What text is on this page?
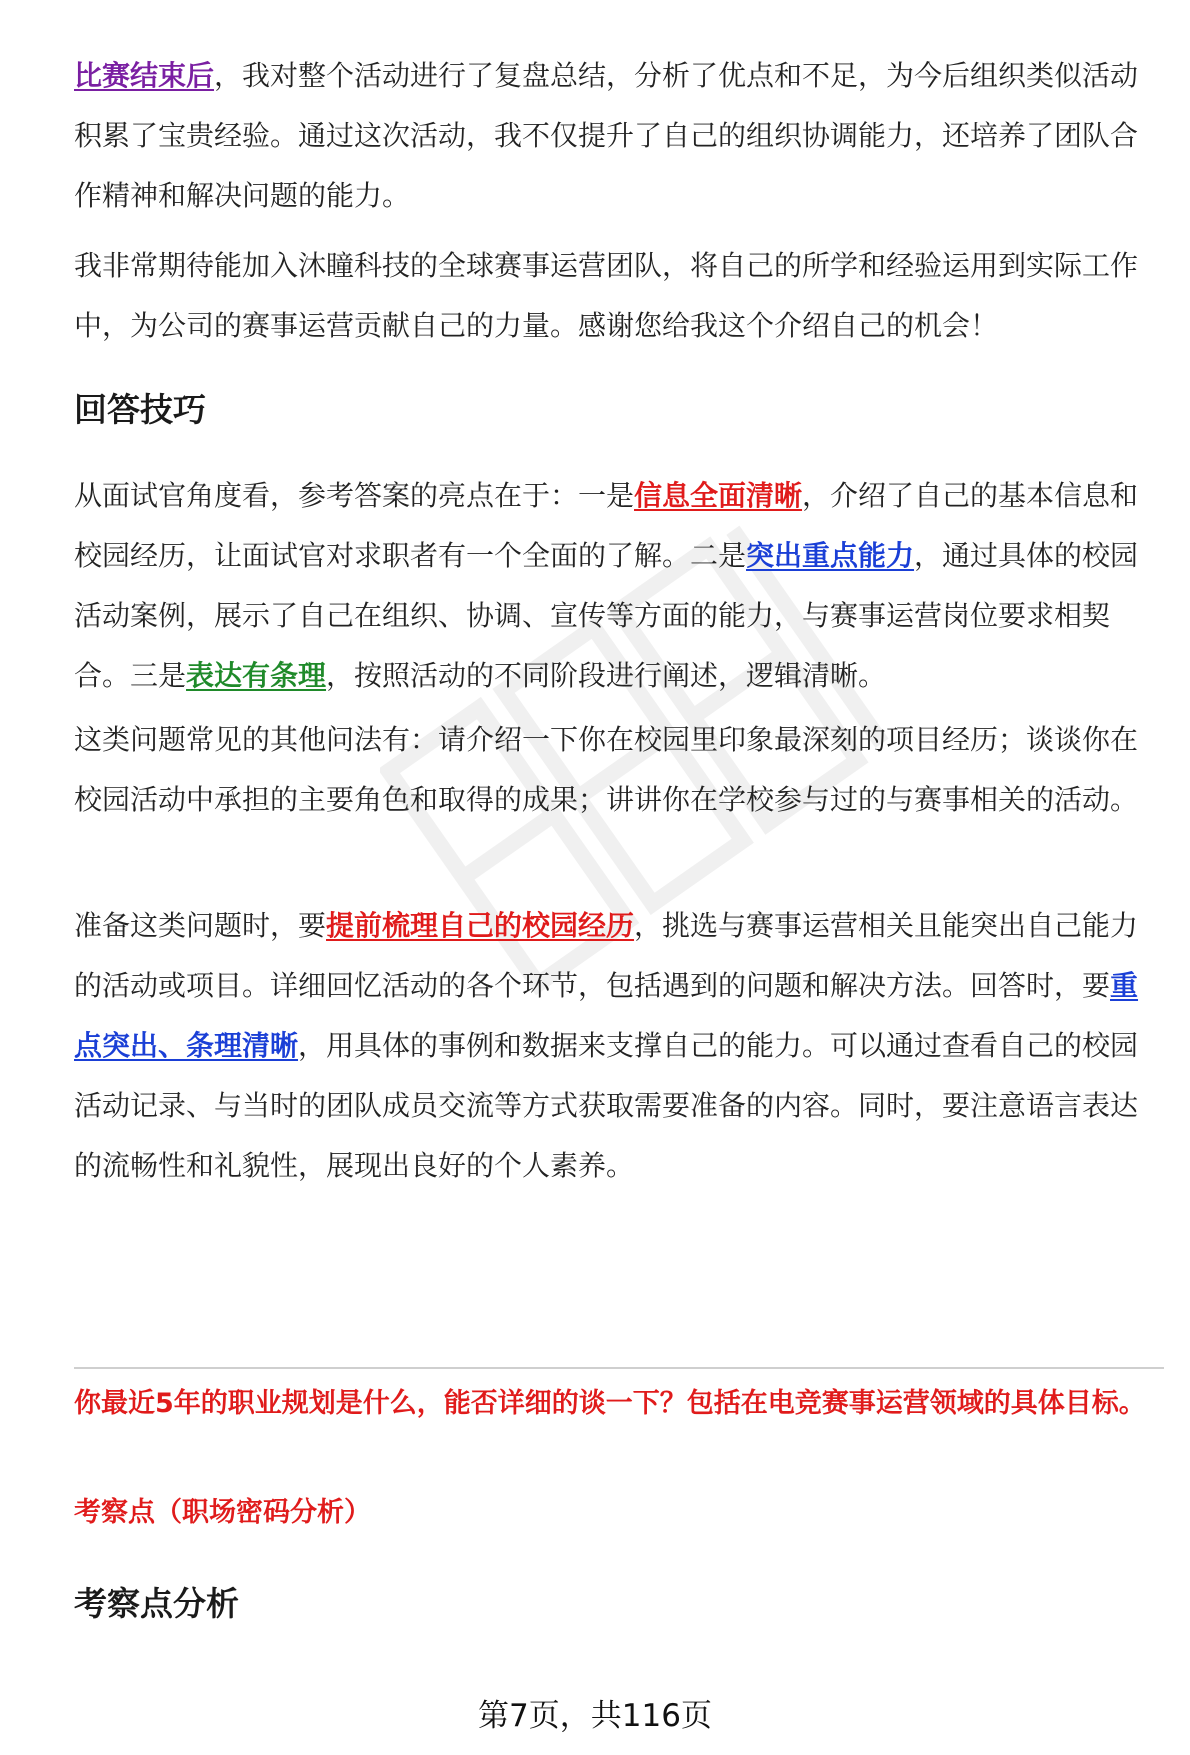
比赛结束后，我对整个活动进行了复盘总结，分析了优点和不足，为今后组织类似活动积累了宝贵经验。通过这次活动，我不仅提升了自己的组织协调能力，还培养了团队合作精神和解决问题的能力。

我非常期待能加入沐瞳科技的全球赛事运营团队，将自己的所学和经验运用到实际工作中，为公司的赛事运营贡献自己的力量。感谢您给我这个介绍自己的机会！

回答技巧

从面试官角度看，参考答案的亮点在于：一是信息全面清晰，介绍了自己的基本信息和校园经历，让面试官对求职者有一个全面的了解。二是突出重点能力，通过具体的校园活动案例，展示了自己在组织、协调、宣传等方面的能力，与赛事运营岗位要求相契合。三是表达有条理，按照活动的不同阶段进行阐述，逻辑清晰。

这类问题常见的其他问法有：请介绍一下你在校园里印象最深刻的项目经历；谈谈你在校园活动中承担的主要角色和取得的成果；讲讲你在学校参与过的与赛事相关的活动。

准备这类问题时，要提前梳理自己的校园经历，挑选与赛事运营相关且能突出自己能力的活动或项目。详细回忆活动的各个环节，包括遇到的问题和解决方法。回答时，要重点突出、条理清晰，用具体的事例和数据来支撑自己的能力。可以通过查看自己的校园活动记录、与当时的团队成员交流等方式获取需要准备的内容。同时，要注意语言表达的流畅性和礼貌性，展现出良好的个人素养。

你最近5年的职业规划是什么，能否详细的谈一下？包括在电竞赛事运营领域的具体目标。

考察点（职场密码分析）

考察点分析

第7页，共116页
